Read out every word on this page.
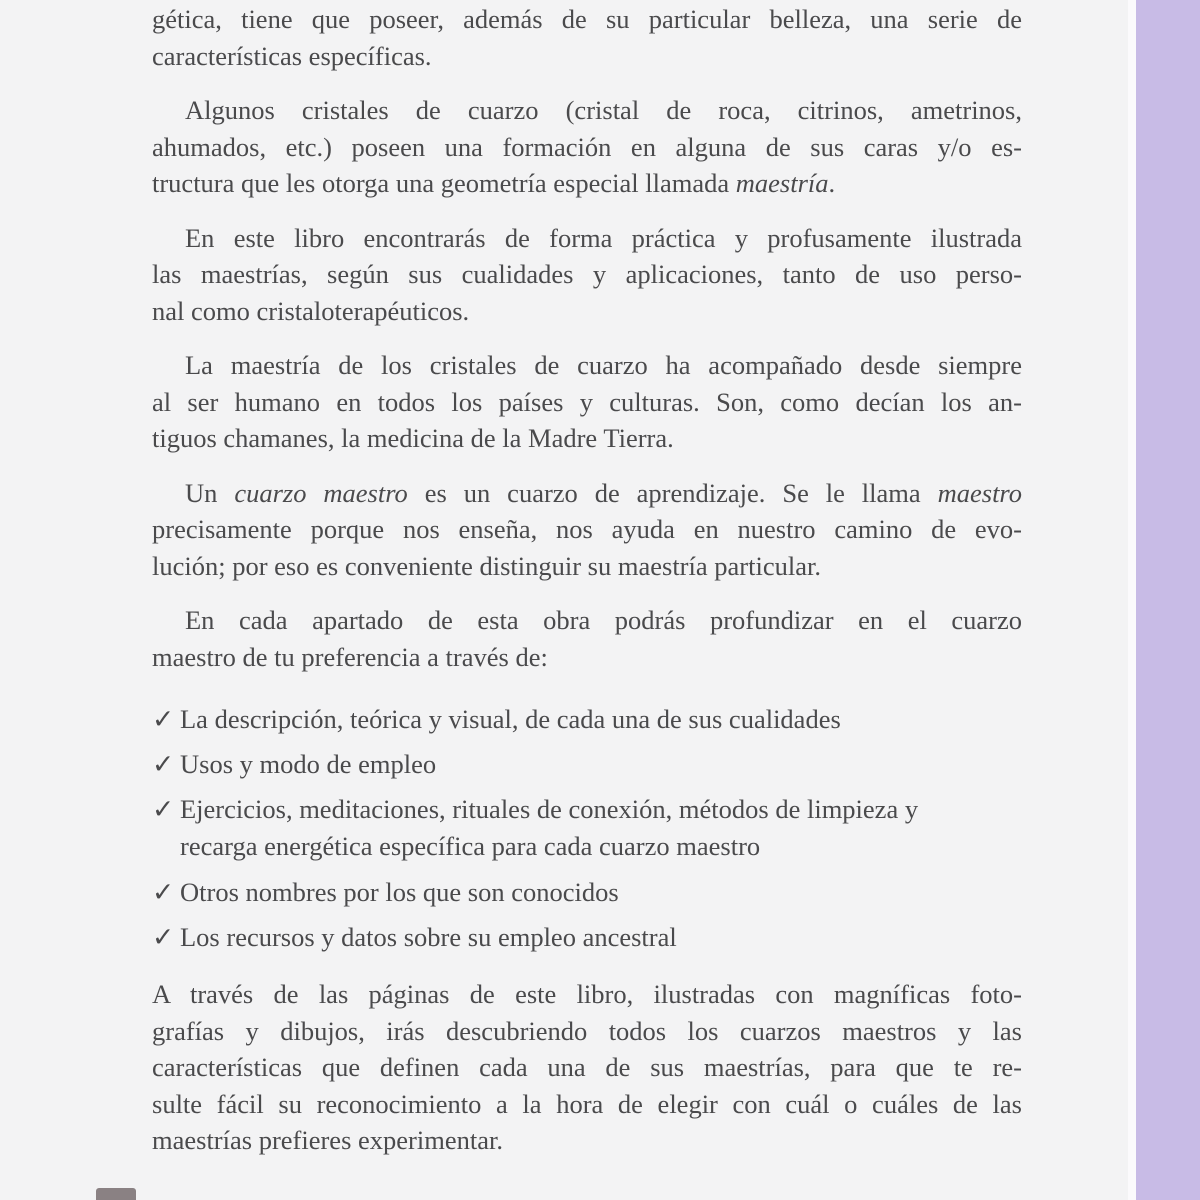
gética, tiene que poseer, además de su particular belleza, una serie de
características específicas.
Algunos cristales de cuarzo (cristal de roca, citrinos, ametrinos,
ahumados, etc.) poseen una formación en alguna de sus caras y/o es-
tructura que les otorga una geometría especial llamada maestría.
En este libro encontrarás de forma práctica y profusamente ilustrada
las maestrías, según sus cualidades y aplicaciones, tanto de uso perso-
nal como cristaloterapéuticos.
La maestría de los cristales de cuarzo ha acompañado desde siempre
al ser humano en todos los países y culturas. Son, como decían los an-
tiguos chamanes, la medicina de la Madre Tierra.
Un cuarzo maestro es un cuarzo de aprendizaje. Se le llama maestro
precisamente porque nos enseña, nos ayuda en nuestro camino de evo-
lución; por eso es conveniente distinguir su maestría particular.
En cada apartado de esta obra podrás profundizar en el cuarzo
maestro de tu preferencia a través de:
✓ La descripción, teórica y visual, de cada una de sus cualidades
✓ Usos y modo de empleo
✓ Ejercicios, meditaciones, rituales de conexión, métodos de limpieza y
recarga energética específica para cada cuarzo maestro
✓ Otros nombres por los que son conocidos
✓ Los recursos y datos sobre su empleo ancestral
A través de las páginas de este libro, ilustradas con magníficas foto-
grafías y dibujos, irás descubriendo todos los cuarzos maestros y las
características que definen cada una de sus maestrías, para que te re-
sulte fácil su reconocimiento a la hora de elegir con cuál o cuáles de las
maestrías prefieres experimentar.
